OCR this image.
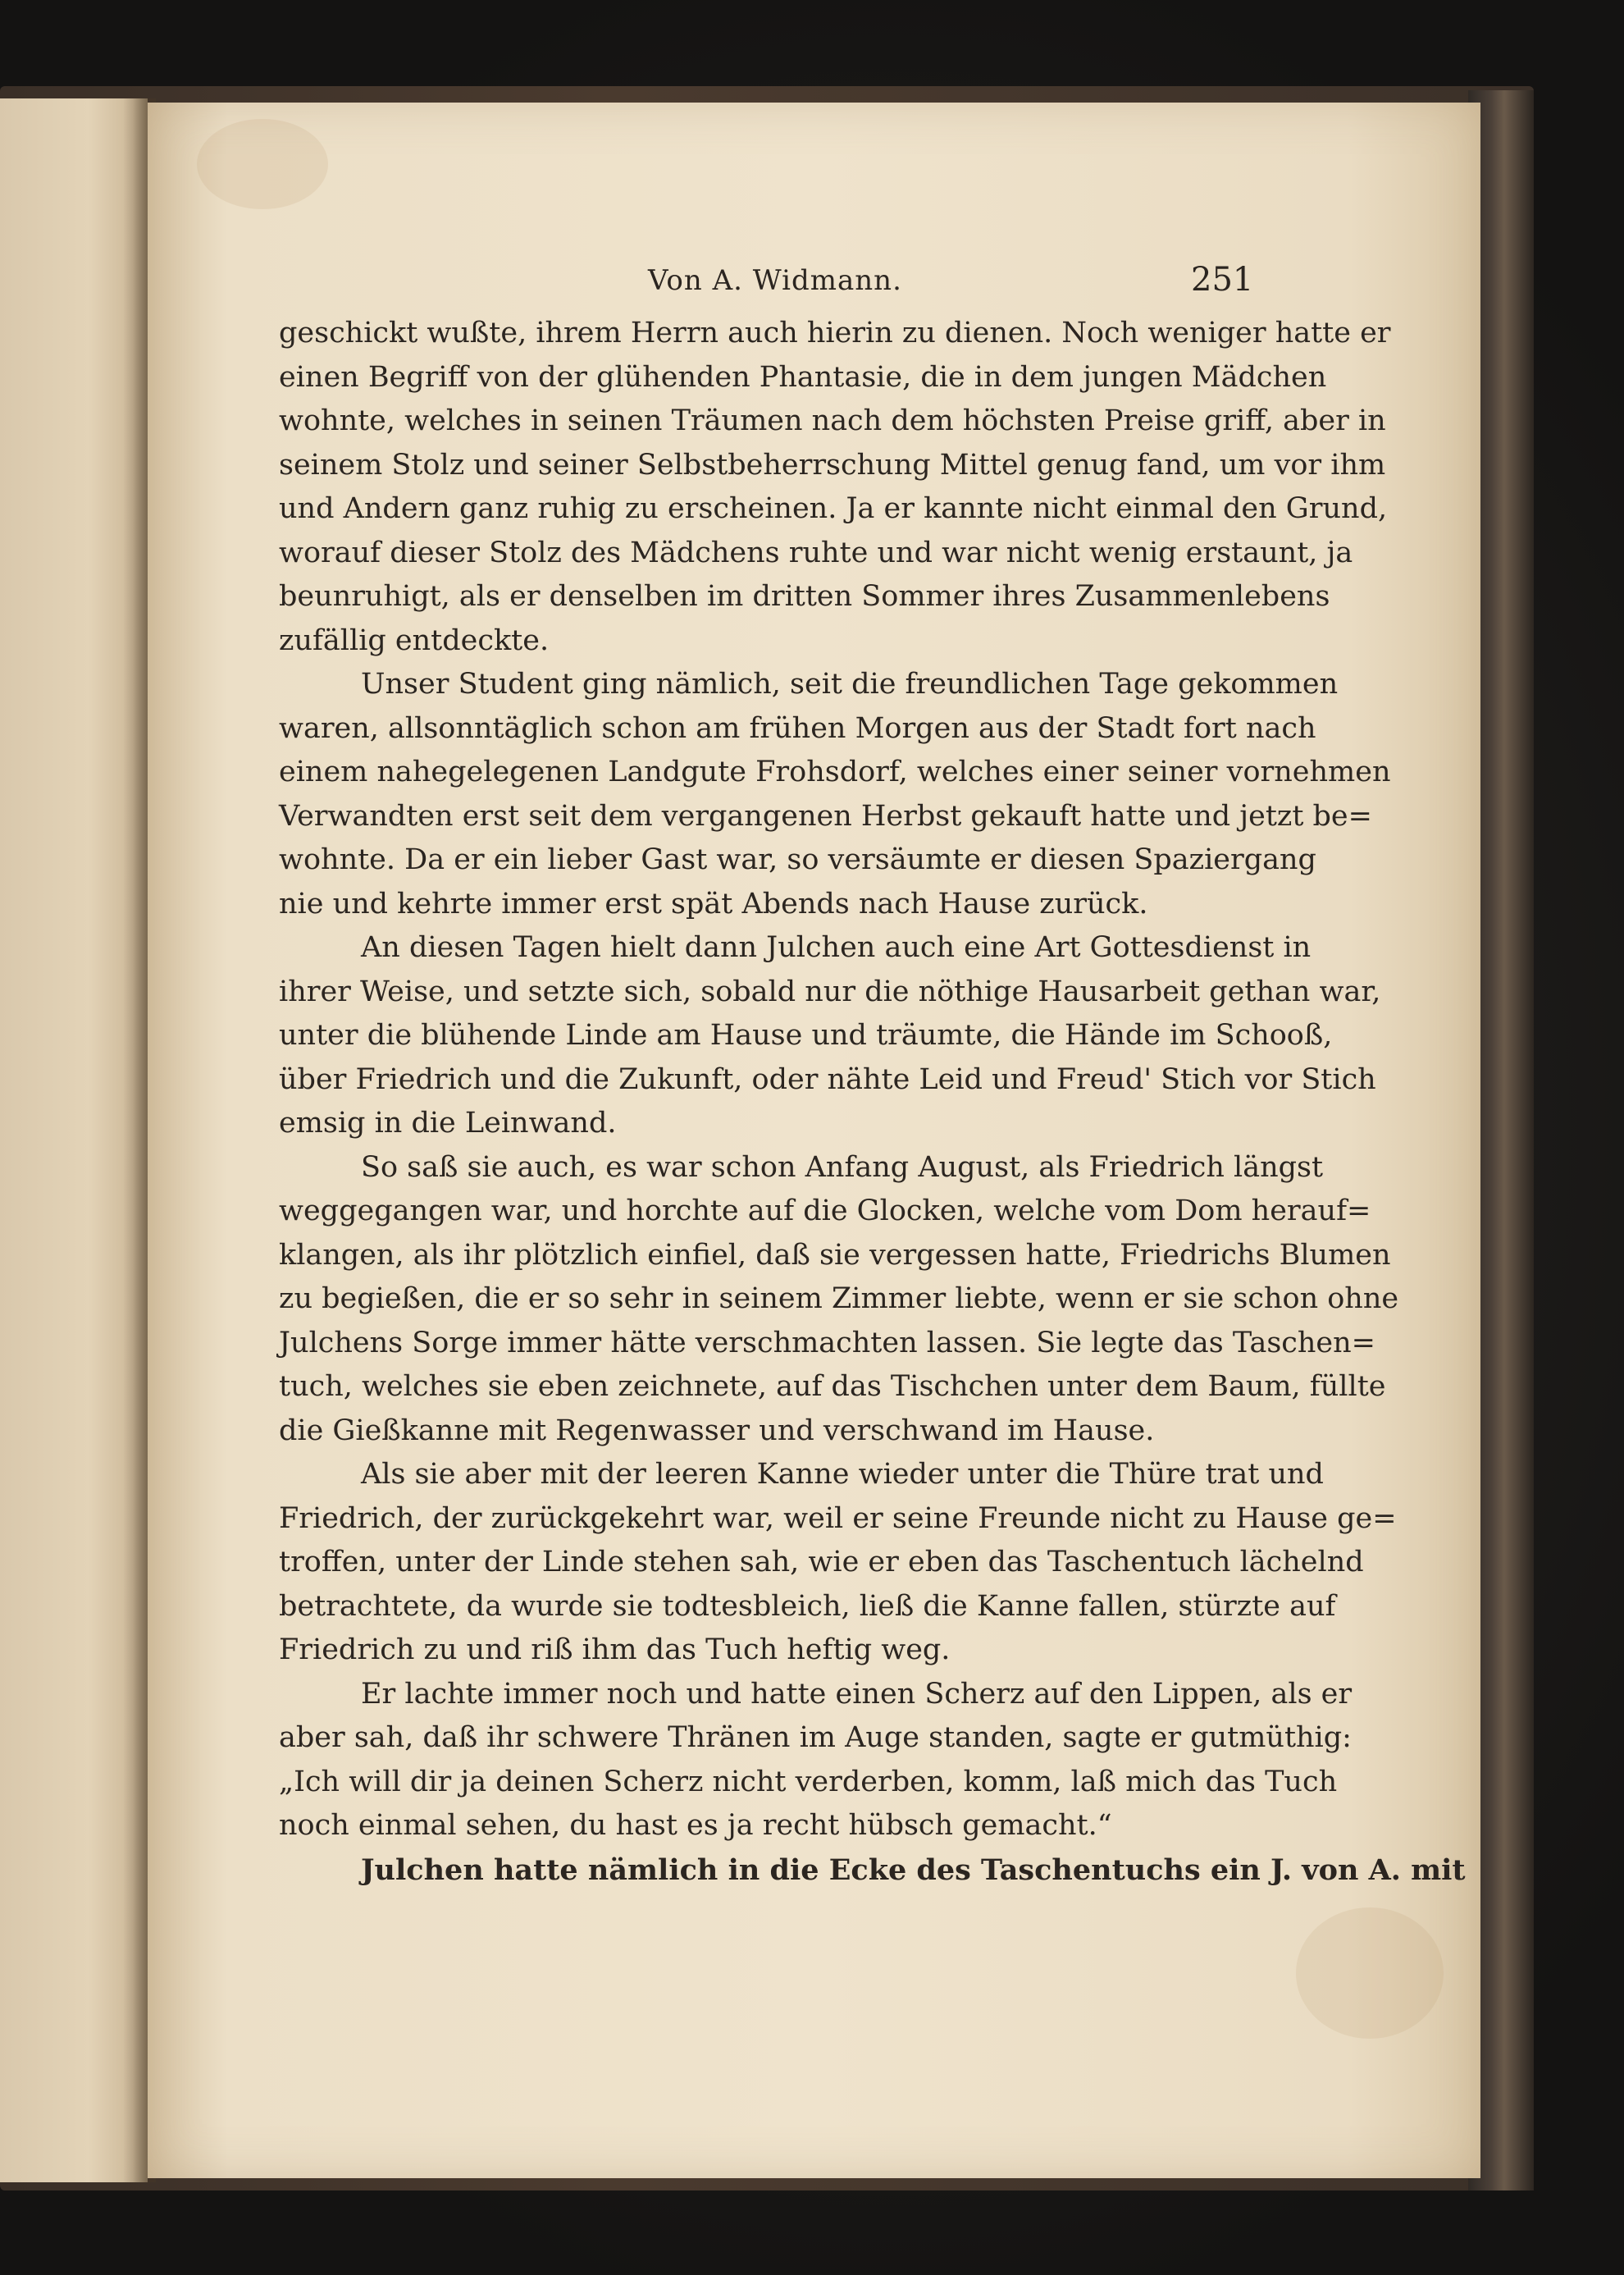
Von A. Widmann.	251
geschickt wußte, ihrem Herrn auch hierin zu dienen. Noch weniger hatte er
einen Begriff von der glühenden Phantasie, die in dem jungen Mädchen
wohnte, welches in seinen Träumen nach dem höchsten Preise griff, aber in
seinem Stolz und seiner Selbstbeherrschung Mittel genug fand, um vor ihm
und Andern ganz ruhig zu erscheinen. Ja er kannte nicht einmal den Grund,
worauf dieser Stolz des Mädchens ruhte und war nicht wenig erstaunt, ja
beunruhigt, als er denselben im dritten Sommer ihres Zusammenlebens
zufällig entdeckte.
Unser Student ging nämlich, seit die freundlichen Tage gekommen
waren, allsonntäglich schon am frühen Morgen aus der Stadt fort nach
einem nahegelegenen Landgute Frohsdorf, welches einer seiner vornehmen
Verwandten erst seit dem vergangenen Herbst gekauft hatte und jetzt be=
wohnte. Da er ein lieber Gast war, so versäumte er diesen Spaziergang
nie und kehrte immer erst spät Abends nach Hause zurück.
An diesen Tagen hielt dann Julchen auch eine Art Gottesdienst in
ihrer Weise, und setzte sich, sobald nur die nöthige Hausarbeit gethan war,
unter die blühende Linde am Hause und träumte, die Hände im Schooß,
über Friedrich und die Zukunft, oder nähte Leid und Freud' Stich vor Stich
emsig in die Leinwand.
So saß sie auch, es war schon Anfang August, als Friedrich längst
weggegangen war, und horchte auf die Glocken, welche vom Dom herauf=
klangen, als ihr plötzlich einfiel, daß sie vergessen hatte, Friedrichs Blumen
zu begießen, die er so sehr in seinem Zimmer liebte, wenn er sie schon ohne
Julchens Sorge immer hätte verschmachten lassen. Sie legte das Taschen=
tuch, welches sie eben zeichnete, auf das Tischchen unter dem Baum, füllte
die Gießkanne mit Regenwasser und verschwand im Hause.
Als sie aber mit der leeren Kanne wieder unter die Thüre trat und
Friedrich, der zurückgekehrt war, weil er seine Freunde nicht zu Hause ge=
troffen, unter der Linde stehen sah, wie er eben das Taschentuch lächelnd
betrachtete, da wurde sie todtesbleich, ließ die Kanne fallen, stürzte auf
Friedrich zu und riß ihm das Tuch heftig weg.
Er lachte immer noch und hatte einen Scherz auf den Lippen, als er
aber sah, daß ihr schwere Thränen im Auge standen, sagte er gutmüthig:
„Ich will dir ja deinen Scherz nicht verderben, komm, laß mich das Tuch
noch einmal sehen, du hast es ja recht hübsch gemacht.“
Julchen hatte nämlich in die Ecke des Taschentuchs ein J. von A. mit
